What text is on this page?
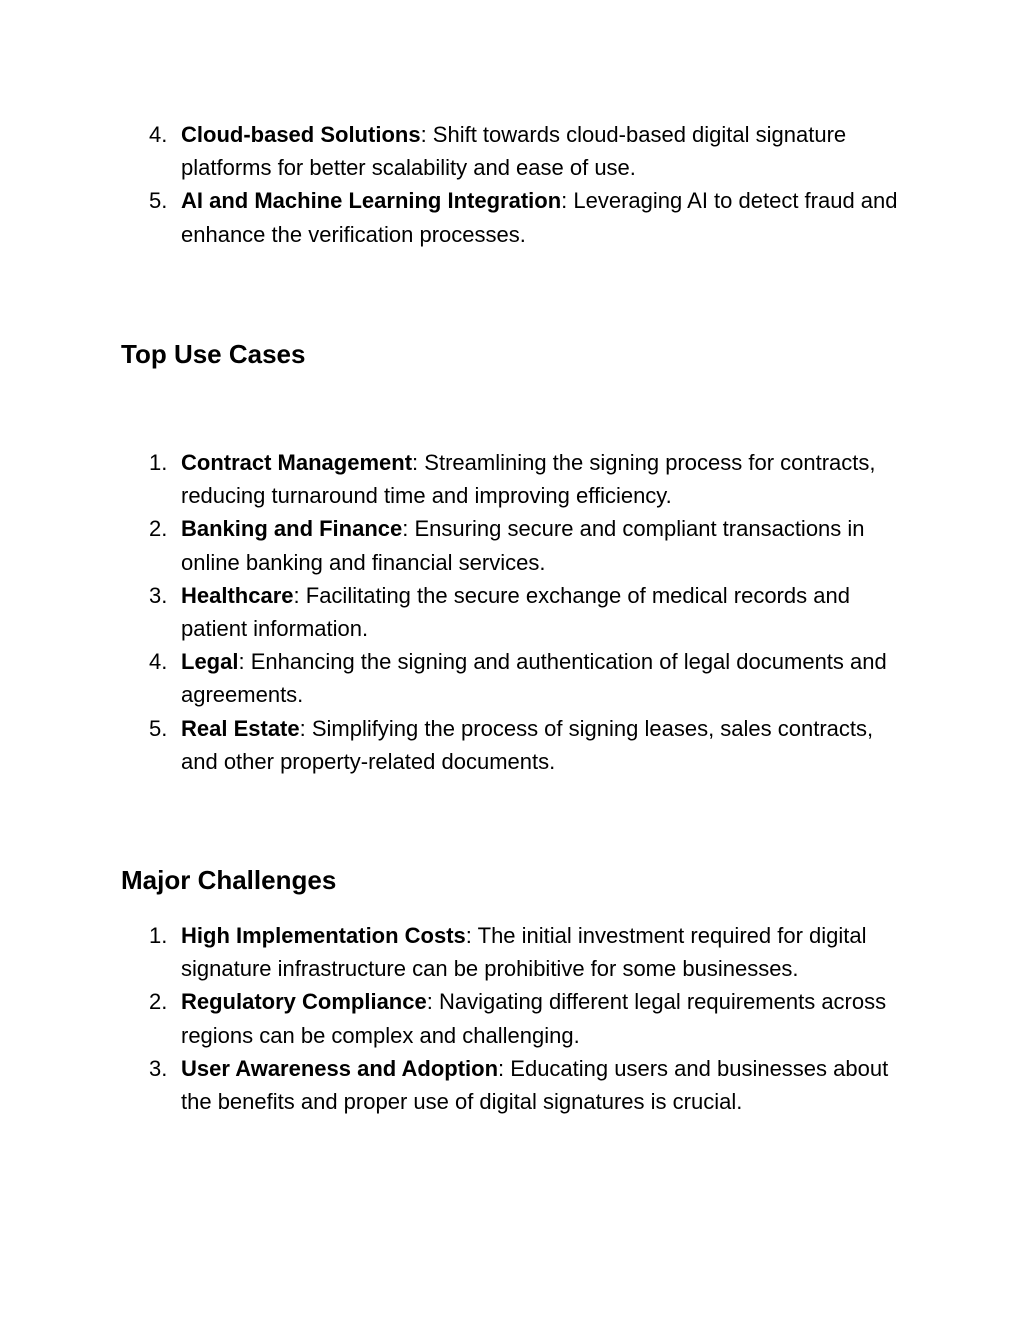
4. Cloud-based Solutions: Shift towards cloud-based digital signature platforms for better scalability and ease of use.
5. AI and Machine Learning Integration: Leveraging AI to detect fraud and enhance the verification processes.
Top Use Cases
1. Contract Management: Streamlining the signing process for contracts, reducing turnaround time and improving efficiency.
2. Banking and Finance: Ensuring secure and compliant transactions in online banking and financial services.
3. Healthcare: Facilitating the secure exchange of medical records and patient information.
4. Legal: Enhancing the signing and authentication of legal documents and agreements.
5. Real Estate: Simplifying the process of signing leases, sales contracts, and other property-related documents.
Major Challenges
1. High Implementation Costs: The initial investment required for digital signature infrastructure can be prohibitive for some businesses.
2. Regulatory Compliance: Navigating different legal requirements across regions can be complex and challenging.
3. User Awareness and Adoption: Educating users and businesses about the benefits and proper use of digital signatures is crucial.
